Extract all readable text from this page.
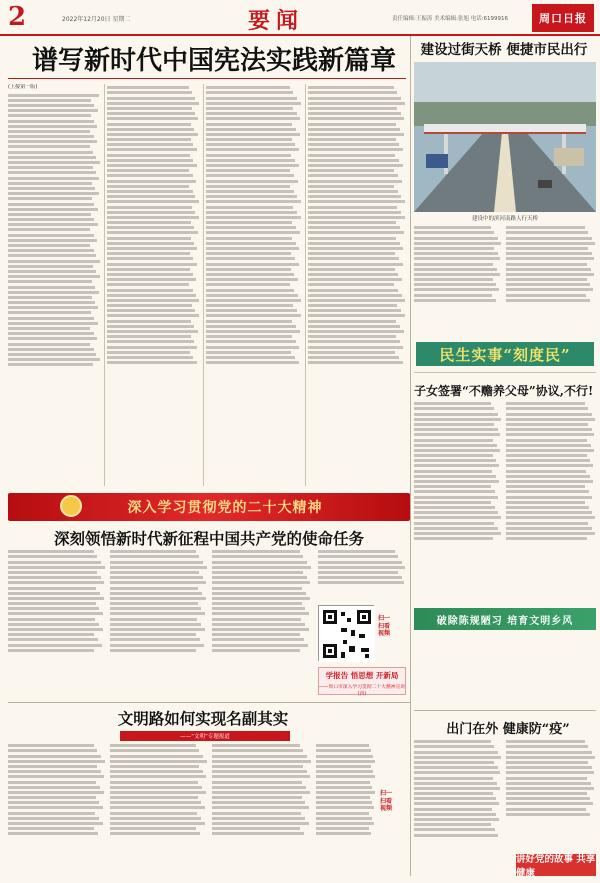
2	2022年12月20日 星期二	要闻	责任编辑:王振涛 美术编辑:张旭 电话:6199916	周口日报
谱写新时代中国宪法实践新篇章
(上接第一版)
建设过街天桥 便捷市民出行
建设中的滨河南路人行天桥
民生实事“刻度民”
子女签署“不赡养父母”协议,不行!
破除陈规陋习 培育文明乡风
深入学习贯彻党的二十大精神
深刻领悟新时代新征程中国共产党的使命任务
扫一扫看视频
学报告 悟思想 开新局
——周口市深入学习贯彻二十大精神宣讲(四)
文明路如何实现名副其实
——“文明”专题报道
扫一扫看视频
出门在外 健康防“疫”
讲好党的故事 共享健康
